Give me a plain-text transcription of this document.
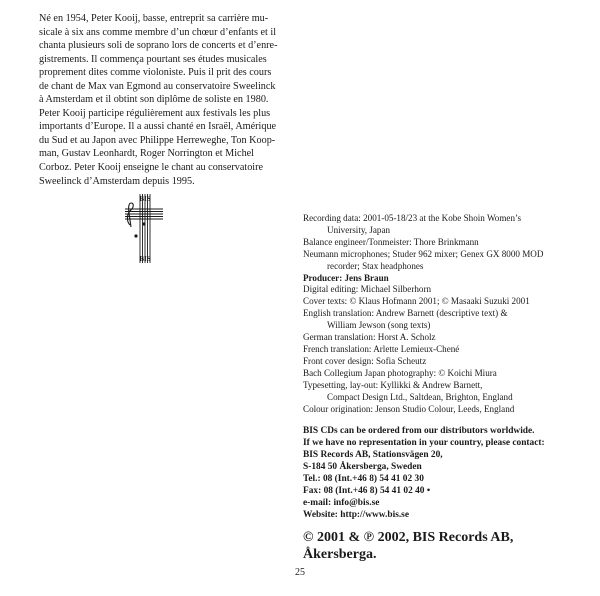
Né en 1954, Peter Kooij, basse, entreprit sa carrière mu-
sicale à six ans comme membre d’un chœur d’enfants et il
chanta plusieurs soli de soprano lors de concerts et d’enre-
gistrements. Il commença pourtant ses études musicales
proprement dites comme violoniste. Puis il prit des cours
de chant de Max van Egmond au conservatoire Sweelinck
à Amsterdam et il obtint son diplôme de soliste en 1980.
Peter Kooij participe régulièrement aux festivals les plus
importants d’Europe. Il a aussi chanté en Israël, Amérique
du Sud et au Japon avec Philippe Herreweghe, Ton Koop-
man, Gustav Leonhardt, Roger Norrington et Michel
Corboz. Peter Kooij enseigne le chant au conservatoire
Sweelinck d’Amsterdam depuis 1995.
BIS
BIS
Recording data: 2001-05-18/23 at the Kobe Shoin Women’s
University, Japan
Balance engineer/Tonmeister: Thore Brinkmann
Neumann microphones; Studer 962 mixer; Genex GX 8000 MOD
recorder; Stax headphones
Producer: Jens Braun
Digital editing: Michael Silberhorn
Cover texts: © Klaus Hofmann 2001; © Masaaki Suzuki 2001
English translation: Andrew Barnett (descriptive text) &
William Jewson (song texts)
German translation: Horst A. Scholz
French translation: Arlette Lemieux-Chené
Front cover design: Sofia Scheutz
Bach Collegium Japan photography: © Koichi Miura
Typesetting, lay-out: Kyllikki & Andrew Barnett,
Compact Design Ltd., Saltdean, Brighton, England
Colour origination: Jenson Studio Colour, Leeds, England
BIS CDs can be ordered from our distributors worldwide.
If we have no representation in your country, please contact:
BIS Records AB, Stationsvägen 20,
S-184 50 Åkersberga, Sweden
Tel.: 08 (Int.+46 8) 54 41 02 30
Fax: 08 (Int.+46 8) 54 41 02 40 •
e-mail: info@bis.se
Website: http://www.bis.se
© 2001 & ℗ 2002, BIS Records AB,
Åkersberga.
25
